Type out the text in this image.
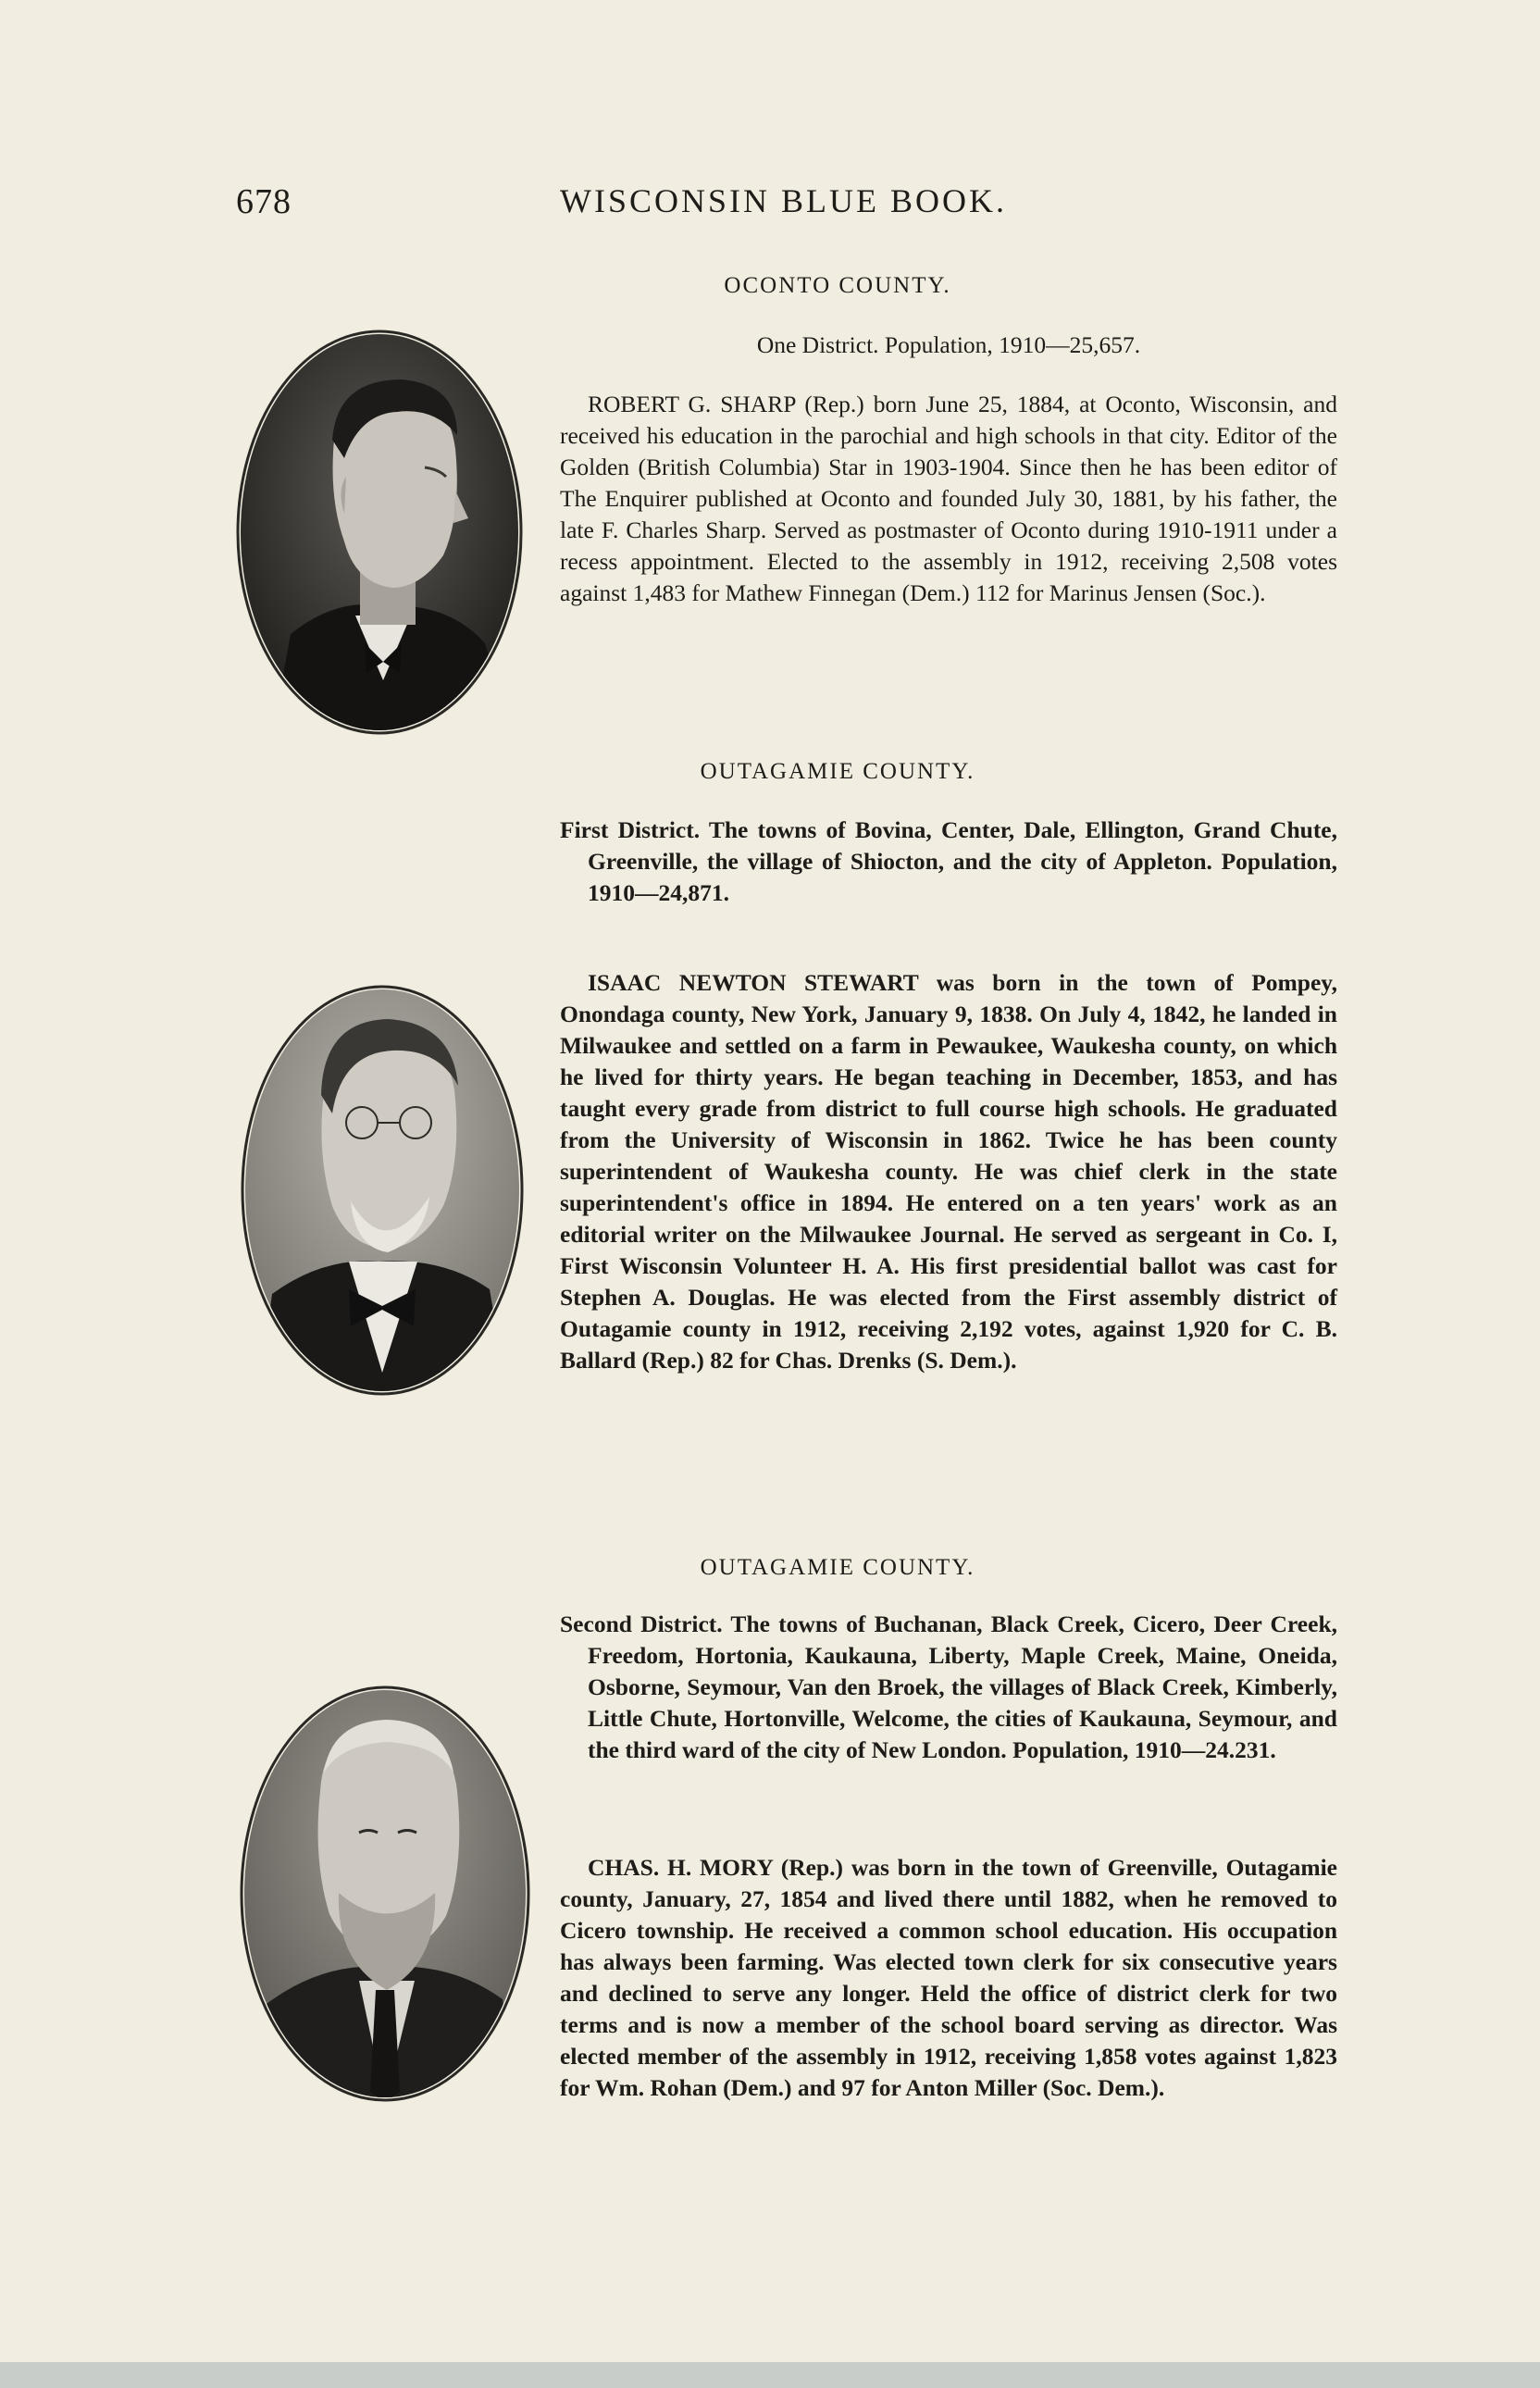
678	WISCONSIN BLUE BOOK.
OCONTO COUNTY.
One District. Population, 1910—25,657.

ROBERT G. SHARP (Rep.) born June 25, 1884, at Oconto, Wisconsin, and received his education in the parochial and high schools in that city. Editor of the Golden (British Columbia) Star in 1903-1904. Since then he has been editor of The Enquirer published at Oconto and founded July 30, 1881, by his father, the late F. Charles Sharp. Served as postmaster of Oconto during 1910-1911 under a recess appointment. Elected to the assembly in 1912, receiving 2,508 votes against 1,483 for Mathew Finnegan (Dem.) 112 for Marinus Jensen (Soc.).

OUTAGAMIE COUNTY.

First District. The towns of Bovina, Center, Dale, Ellington, Grand Chute, Greenville, the village of Shiocton, and the city of Appleton. Population, 1910—24,871.

ISAAC NEWTON STEWART was born in the town of Pompey, Onondaga county, New York, January 9, 1838. On July 4, 1842, he landed in Milwaukee and settled on a farm in Pewaukee, Waukesha county, on which he lived for thirty years. He began teaching in December, 1853, and has taught every grade from district to full course high schools. He graduated from the University of Wisconsin in 1862. Twice he has been county superintendent of Waukesha county. He was chief clerk in the state superintendent's office in 1894. He entered on a ten years' work as an editorial writer on the Milwaukee Journal. He served as sergeant in Co. I, First Wisconsin Volunteer H. A. His first presidential ballot was cast for Stephen A. Douglas. He was elected from the First assembly district of Outagamie county in 1912, receiving 2,192 votes, against 1,920 for C. B. Ballard (Rep.) 82 for Chas. Drenks (S. Dem.).

OUTAGAMIE COUNTY.

Second District. The towns of Buchanan, Black Creek, Cicero, Deer Creek, Freedom, Hortonia, Kaukauna, Liberty, Maple Creek, Maine, Oneida, Osborne, Seymour, Van den Broek, the villages of Black Creek, Kimberly, Little Chute, Hortonville, Welcome, the cities of Kaukauna, Seymour, and the third ward of the city of New London. Population, 1910—24.231.

CHAS. H. MORY (Rep.) was born in the town of Greenville, Outagamie county, January, 27, 1854 and lived there until 1882, when he removed to Cicero township. He received a common school education. His occupation has always been farming. Was elected town clerk for six consecutive years and declined to serve any longer. Held the office of district clerk for two terms and is now a member of the school board serving as director. Was elected member of the assembly in 1912, receiving 1,858 votes against 1,823 for Wm. Rohan (Dem.) and 97 for Anton Miller (Soc. Dem.).
